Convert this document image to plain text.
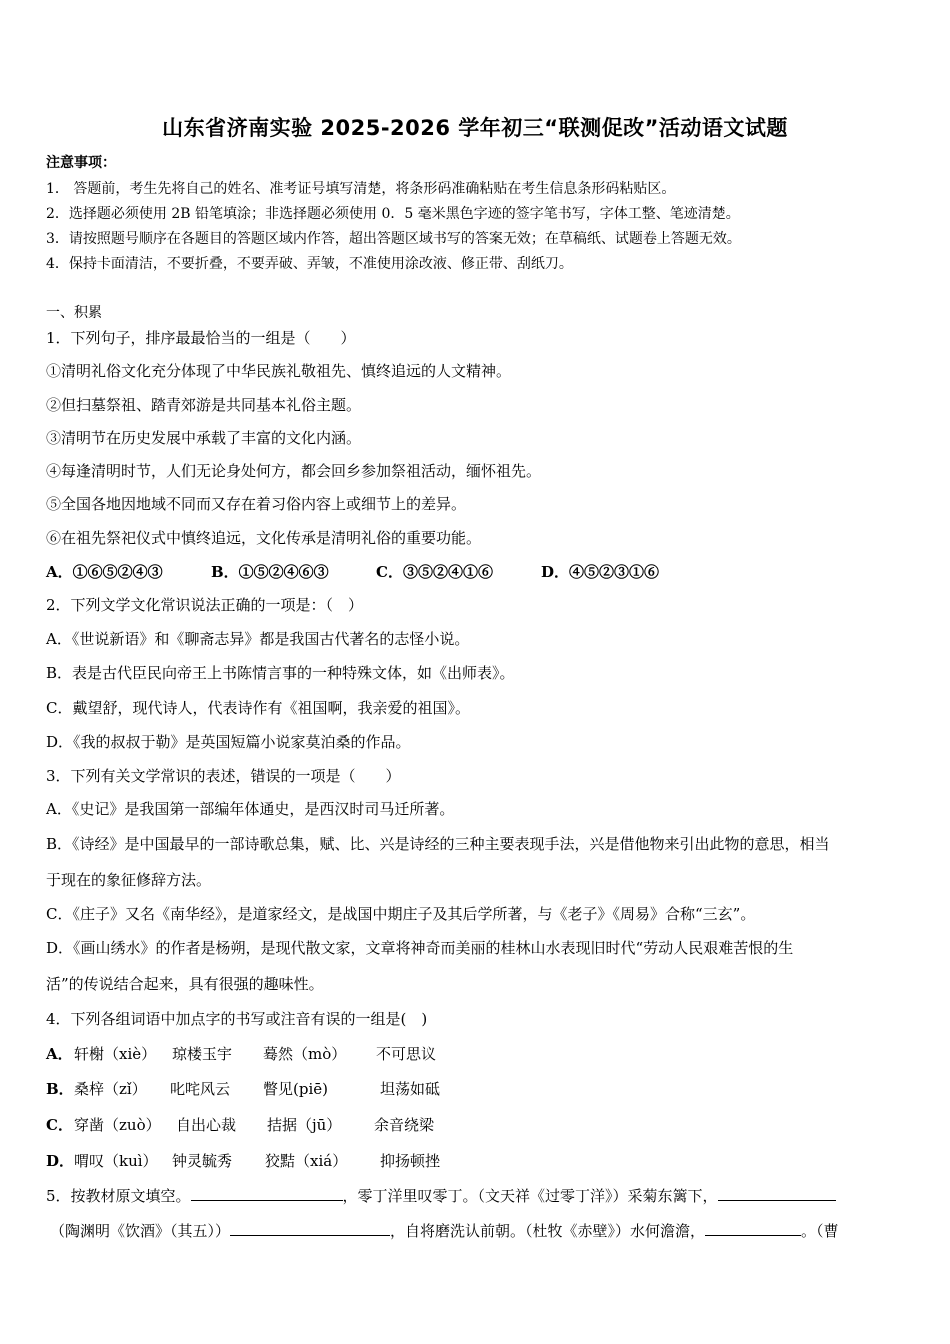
山东省济南实验 2025-2026 学年初三“联测促改”活动语文试题
注意事项：
1． 答题前，考生先将自己的姓名、准考证号填写清楚，将条形码准确粘贴在考生信息条形码粘贴区。
2．选择题必须使用 2B 铅笔填涂；非选择题必须使用 0．5 毫米黑色字迹的签字笔书写，字体工整、笔迹清楚。
3．请按照题号顺序在各题目的答题区域内作答，超出答题区域书写的答案无效；在草稿纸、试题卷上答题无效。
4．保持卡面清洁，不要折叠，不要弄破、弄皱，不准使用涂改液、修正带、刮纸刀。
一、积累
1．下列句子，排序最最恰当的一组是（　　）
①清明礼俗文化充分体现了中华民族礼敬祖先、慎终追远的人文精神。
②但扫墓祭祖、踏青郊游是共同基本礼俗主题。
③清明节在历史发展中承载了丰富的文化内涵。
④每逢清明时节，人们无论身处何方，都会回乡参加祭祖活动，缅怀祖先。
⑤全国各地因地域不同而又存在着习俗内容上或细节上的差异。
⑥在祖先祭祀仪式中慎终追远，文化传承是清明礼俗的重要功能。
A．①⑥⑤②④③	B．①⑤②④⑥③	C．③⑤②④①⑥	D．④⑤②③①⑥
2．下列文学文化常识说法正确的一项是：（　）
A．《世说新语》和《聊斋志异》都是我国古代著名的志怪小说。
B．表是古代臣民向帝王上书陈情言事的一种特殊文体，如《出师表》。
C．戴望舒，现代诗人，代表诗作有《祖国啊，我亲爱的祖国》。
D．《我的叔叔于勒》是英国短篇小说家莫泊桑的作品。
3．下列有关文学常识的表述，错误的一项是（　　）
A．《史记》是我国第一部编年体通史，是西汉时司马迁所著。
B．《诗经》是中国最早的一部诗歌总集，赋、比、兴是诗经的三种主要表现手法，兴是借他物来引出此物的意思，相当
于现在的象征修辞方法。
C．《庄子》又名《南华经》，是道家经文，是战国中期庄子及其后学所著，与《老子》《周易》合称“三玄”。
D．《画山绣水》的作者是杨朔，是现代散文家，文章将神奇而美丽的桂林山水表现旧时代“劳动人民艰难苦恨的生
活”的传说结合起来，具有很强的趣味性。
4．下列各组词语中加点字的书写或注音有误的一组是(　)
A．轩榭（xiè） 琼楼玉宇 蓦然（mò） 不可思议
B．桑梓（zǐ） 叱咤风云 瞥见(piē)	坦荡如砥
C．穿凿（zuò） 自出心裁 拮据（jū） 余音绕梁
D．喟叹（kuì） 钟灵毓秀 狡黠（xiá） 抑扬顿挫
5．按教材原文填空。	，零丁洋里叹零丁。（文天祥《过零丁洋》）采菊东篱下，
（陶渊明《饮酒》（其五））	，自将磨洗认前朝。（杜牧《赤壁》）水何澹澹，	。（曹
